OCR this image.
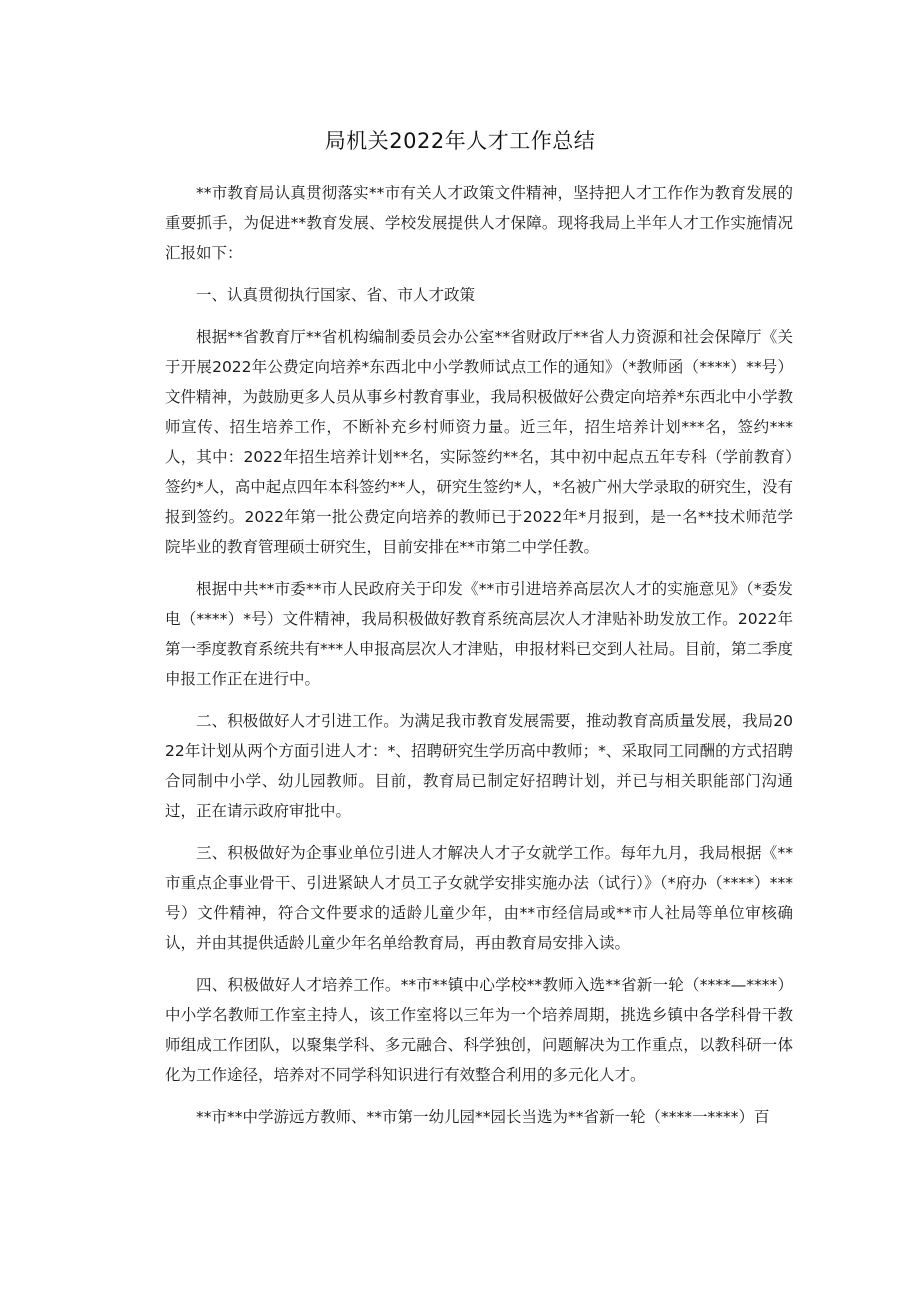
局机关2022年人才工作总结

**市教育局认真贯彻落实**市有关人才政策文件精神，坚持把人才工作作为教育发展的重要抓手，为促进**教育发展、学校发展提供人才保障。现将我局上半年人才工作实施情况汇报如下：

一、认真贯彻执行国家、省、市人才政策

根据**省教育厅**省机构编制委员会办公室**省财政厅**省人力资源和社会保障厅《关于开展2022年公费定向培养*东西北中小学教师试点工作的通知》（*教师函（****）**号）文件精神，为鼓励更多人员从事乡村教育事业，我局积极做好公费定向培养*东西北中小学教师宣传、招生培养工作，不断补充乡村师资力量。近三年，招生培养计划***名，签约***人，其中：2022年招生培养计划**名，实际签约**名，其中初中起点五年专科（学前教育）签约*人，高中起点四年本科签约**人，研究生签约*人，*名被广州大学录取的研究生，没有报到签约。2022年第一批公费定向培养的教师已于2022年*月报到，是一名**技术师范学院毕业的教育管理硕士研究生，目前安排在**市第二中学任教。

根据中共**市委**市人民政府关于印发《**市引进培养高层次人才的实施意见》（*委发电（****）*号）文件精神，我局积极做好教育系统高层次人才津贴补助发放工作。2022年第一季度教育系统共有***人申报高层次人才津贴，申报材料已交到人社局。目前，第二季度申报工作正在进行中。

二、积极做好人才引进工作。为满足我市教育发展需要，推动教育高质量发展，我局2022年计划从两个方面引进人才：*、招聘研究生学历高中教师；*、采取同工同酬的方式招聘合同制中小学、幼儿园教师。目前，教育局已制定好招聘计划，并已与相关职能部门沟通过，正在请示政府审批中。

三、积极做好为企事业单位引进人才解决人才子女就学工作。每年九月，我局根据《**市重点企事业骨干、引进紧缺人才员工子女就学安排实施办法（试行）》（*府办（****）***号）文件精神，符合文件要求的适龄儿童少年，由**市经信局或**市人社局等单位审核确认，并由其提供适龄儿童少年名单给教育局，再由教育局安排入读。

四、积极做好人才培养工作。**市**镇中心学校**教师入选**省新一轮（****—****）中小学名教师工作室主持人，该工作室将以三年为一个培养周期，挑选乡镇中各学科骨干教师组成工作团队，以聚集学科、多元融合、科学独创，问题解决为工作重点，以教科研一体化为工作途径，培养对不同学科知识进行有效整合利用的多元化人才。

**市**中学游远方教师、**市第一幼儿园**园长当选为**省新一轮（****一****）百
